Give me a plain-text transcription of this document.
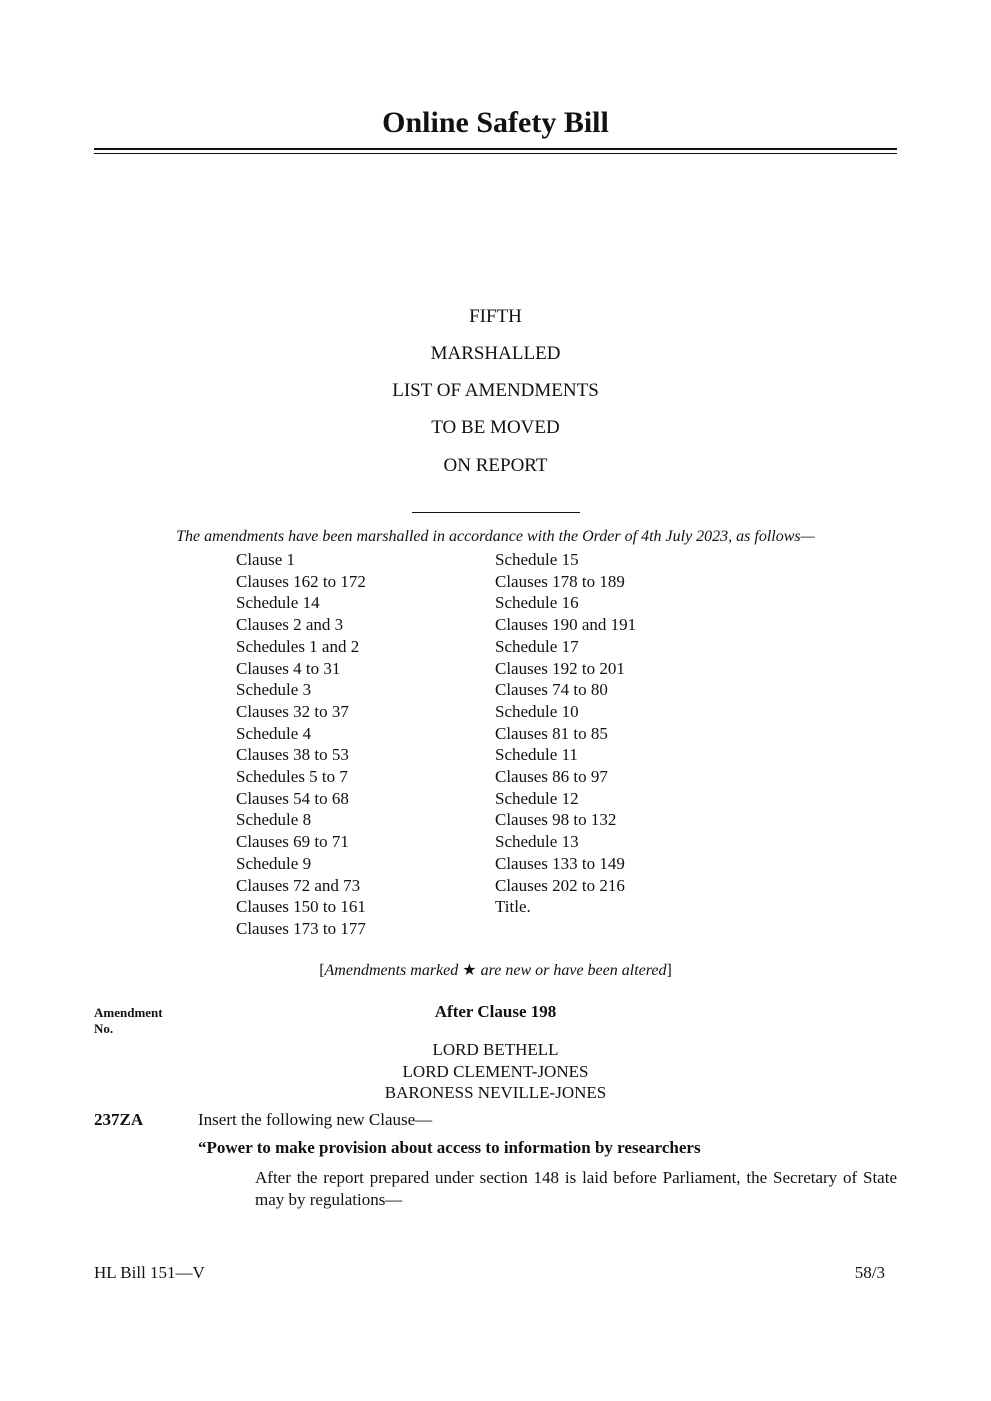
Online Safety Bill
FIFTH
MARSHALLED
LIST OF AMENDMENTS
TO BE MOVED
ON REPORT
The amendments have been marshalled in accordance with the Order of 4th July 2023, as follows—
Clause 1
Clauses 162 to 172
Schedule 14
Clauses 2 and 3
Schedules 1 and 2
Clauses 4 to 31
Schedule 3
Clauses 32 to 37
Schedule 4
Clauses 38 to 53
Schedules 5 to 7
Clauses 54 to 68
Schedule 8
Clauses 69 to 71
Schedule 9
Clauses 72 and 73
Clauses 150 to 161
Clauses 173 to 177
Schedule 15
Clauses 178 to 189
Schedule 16
Clauses 190 and 191
Schedule 17
Clauses 192 to 201
Clauses 74 to 80
Schedule 10
Clauses 81 to 85
Schedule 11
Clauses 86 to 97
Schedule 12
Clauses 98 to 132
Schedule 13
Clauses 133 to 149
Clauses 202 to 216
Title.
[Amendments marked ★ are new or have been altered]
Amendment
No.
After Clause 198
LORD BETHELL
LORD CLEMENT-JONES
BARONESS NEVILLE-JONES
237ZA	Insert the following new Clause—
“Power to make provision about access to information by researchers
After the report prepared under section 148 is laid before Parliament, the Secretary of State may by regulations—
HL Bill 151—V	58/3
